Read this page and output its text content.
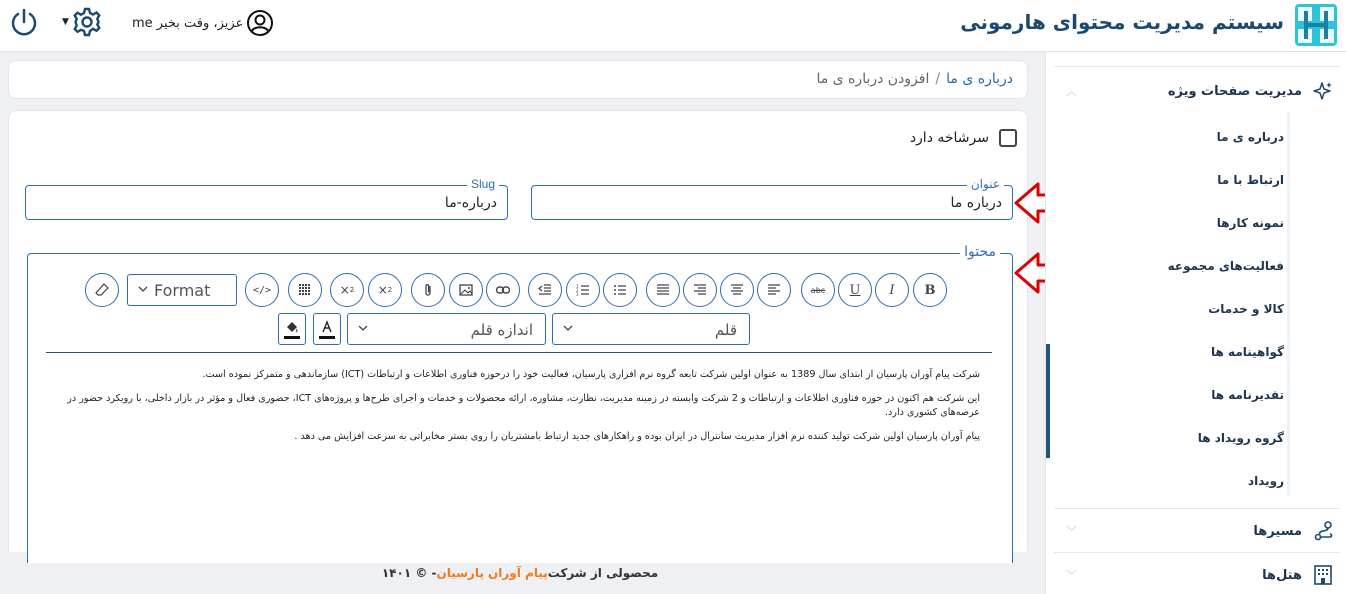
سیستم مدیریت محتوای هارمونی
▼	me عزیز، وقت بخیر
درباره ی ما/افزودن درباره ی ما
سرشاخه دارد
عنوان
درباره ما
Slug
درباره-ما
محتوا
B
I
U
abc
1
2
3
× 2
× 2
</>
Format
قلم
اندازه قلم

شرکت پیام آوران پارسیان از ابتدای سال 1389 به عنوان اولین شرکت تابعه گروه نرم افزاری پارسیان، فعالیت خود را درحوزه فناوری اطلاعات و ارتباطات (ICT) سازماندهی و متمرکز نموده است.

این شرکت هم اکنون در حوزه فناوری اطلاعات و ارتباطات و 2 شرکت وابسته در زمینه مدیریت، نظارت، مشاوره، ارائه محصولات و خدمات و اجرای طرح‌ها و پروژه‌های ICT، حضوری فعال و مؤثر در بازار داخلی، با رویکرد حضور در عرصه‌های کشوری دارد.

پیام آوران پارسیان اولین شرکت تولید کننده نرم افزار مدیریت سانترال در ایران بوده و راهکارهای جدید ارتباط بامشتریان را روی بستر مخابراتی به سرعت افزایش می دهد .

محصولی از شرکت
پیام آوران پارسیان
- © ۱۴۰۱
︿	مدیریت صفحات ویژه
درباره ی ما
ارتباط با ما
نمونه کارها
فعالیت‌های مجموعه
کالا و خدمات
گواهینامه ها
تقدیرنامه ها
گروه رویداد ها
رویداد
﹀	مسیرها
﹀	هتل‌ها
